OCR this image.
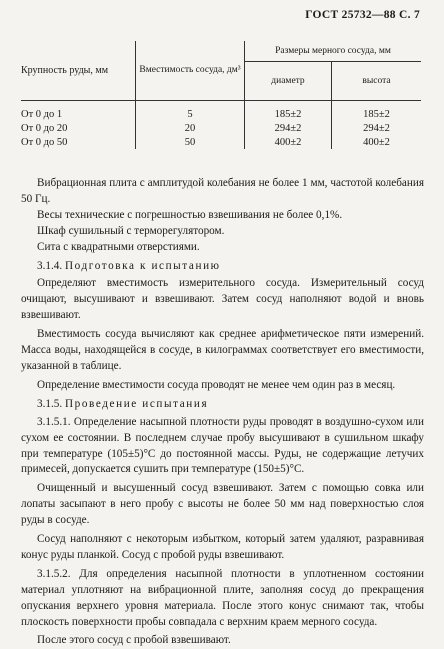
ГОСТ 25732—88 С. 7
Крупность руды, мм	Вместимость сосуда, дм³	Размеры мерного сосуда, мм	
		диаметр	высота
От 0 до 1	5	185±2	185±2
От 0 до 20	20	294±2	294±2
От 0 до 50	50	400±2	400±2

Вибрационная плита с амплитудой колебания не более 1 мм, частотой колебания 50 Гц.

Весы технические с погрешностью взвешивания не более 0,1%.

Шкаф сушильный с терморегулятором.

Сита с квадратными отверстиями.

3.1.4. Подготовка к испытанию

Определяют вместимость измерительного сосуда. Измерительный сосуд очищают, высушивают и взвешивают. Затем сосуд наполняют водой и вновь взвешивают.

Вместимость сосуда вычисляют как среднее арифметическое пяти измерений. Масса воды, находящейся в сосуде, в килограммах соответствует его вместимости, указанной в таблице.

Определение вместимости сосуда проводят не менее чем один раз в месяц.

3.1.5. Проведение испытания

3.1.5.1. Определение насыпной плотности руды проводят в воздушно-сухом или сухом ее состоянии. В последнем случае пробу высушивают в сушильном шкафу при температуре (105±5)°С до постоянной массы. Руды, не содержащие летучих примесей, допускается сушить при температуре (150±5)°С.

Очищенный и высушенный сосуд взвешивают. Затем с помощью совка или лопаты засыпают в него пробу с высоты не более 50 мм над поверхностью слоя руды в сосуде.

Сосуд наполняют с некоторым избытком, который затем удаляют, разравнивая конус руды планкой. Сосуд с пробой руды взвешивают.

3.1.5.2. Для определения насыпной плотности в уплотненном состоянии материал уплотняют на вибрационной плите, заполняя сосуд до прекращения опускания верхнего уровня материала. После этого конус снимают так, чтобы плоскость поверхности пробы совпадала с верхним краем мерного сосуда.

После этого сосуд с пробой взвешивают.
